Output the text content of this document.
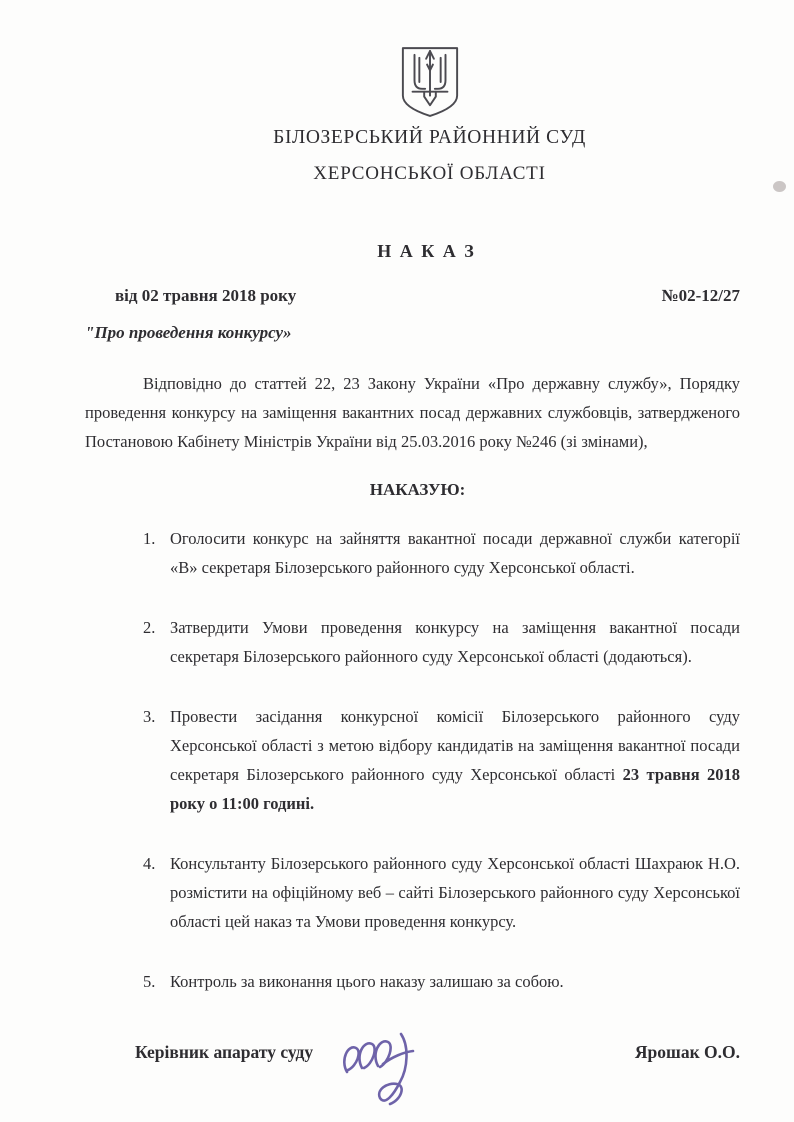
БІЛОЗЕРСЬКИЙ РАЙОННИЙ СУД
ХЕРСОНСЬКОЇ ОБЛАСТІ
Н А К А З
від 02 травня 2018 року	№02-12/27
"Про проведення конкурсу»

Відповідно до статтей 22, 23 Закону України «Про державну службу», Порядку проведення конкурсу на заміщення вакантних посад державних службовців, затвердженого Постановою Кабінету Міністрів України від 25.03.2016 року №246 (зі змінами),

НАКАЗУЮ:
1. Оголосити конкурс на зайняття вакантної посади державної служби категорії «В» секретаря Білозерського районного суду Херсонської області.
2. Затвердити Умови проведення конкурсу на заміщення вакантної посади секретаря Білозерського районного суду Херсонської області (додаються).
3. Провести засідання конкурсної комісії Білозерського районного суду Херсонської області з метою відбору кандидатів на заміщення вакантної посади секретаря Білозерського районного суду Херсонської області 23 травня 2018 року о 11:00 годині.
4. Консультанту Білозерського районного суду Херсонської області Шахраюк Н.О. розмістити на офіційному веб – сайті Білозерського районного суду Херсонської області цей наказ та Умови проведення конкурсу.
5. Контроль за виконання цього наказу залишаю за собою.
Керівник апарату суду	Ярошак О.О.
